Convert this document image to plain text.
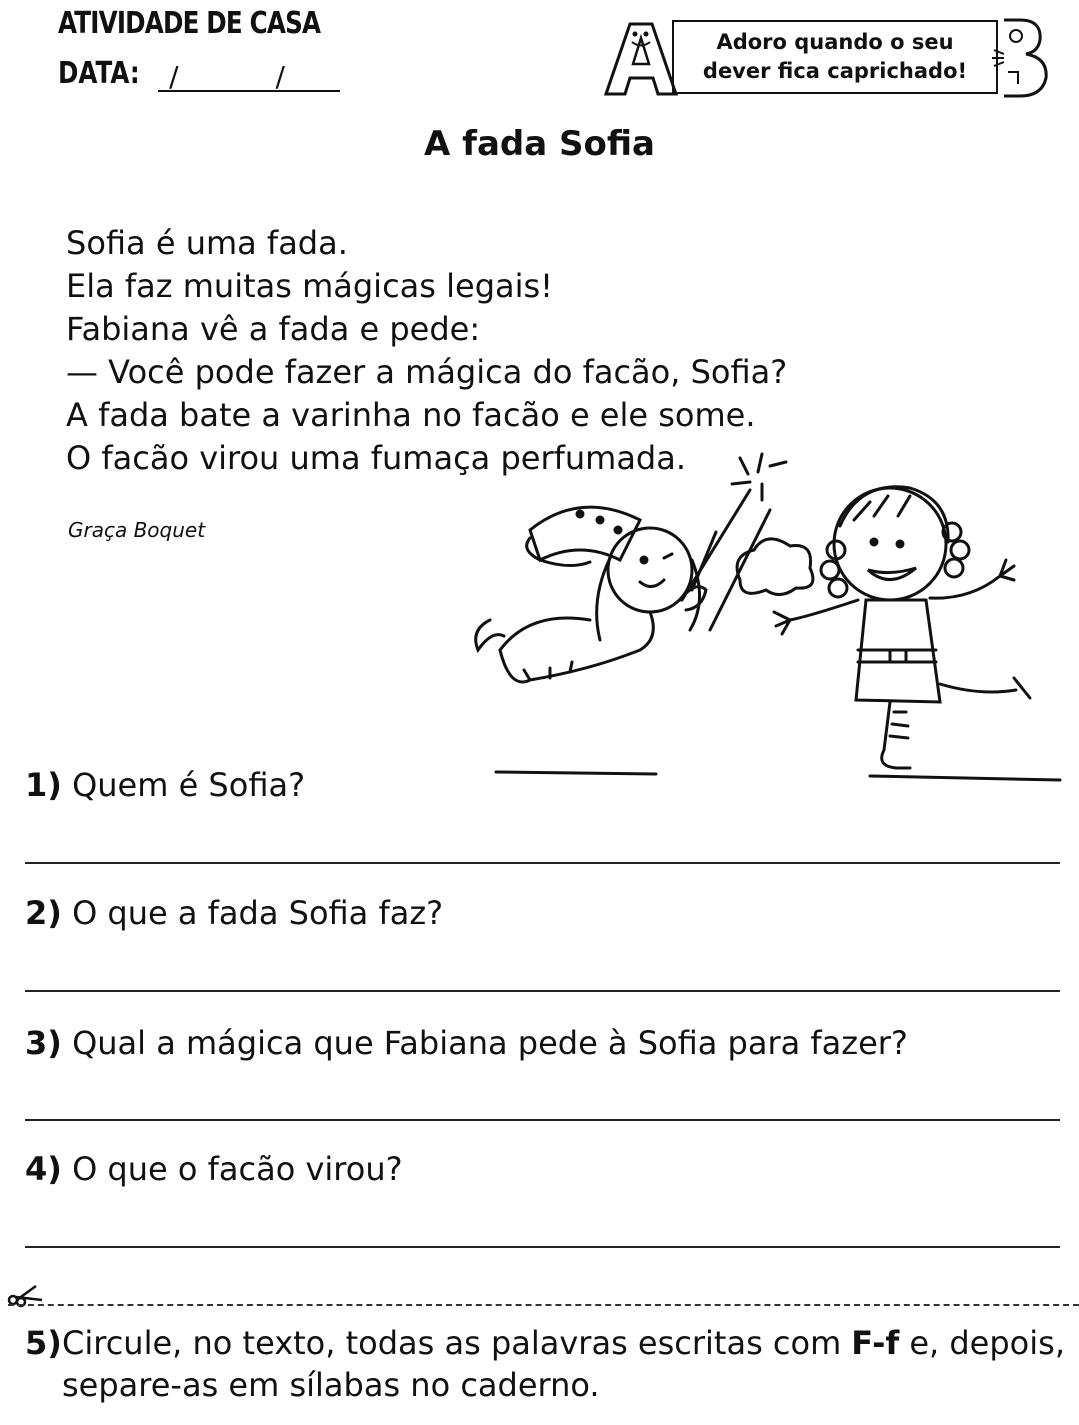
ATIVIDADE DE CASA
DATA:	/ /
Adoro quando o seu
dever fica caprichado!
A fada Sofia
Sofia é uma fada.
Ela faz muitas mágicas legais!
Fabiana vê a fada e pede:
— Você pode fazer a mágica do facão, Sofia?
A fada bate a varinha no facão e ele some.
O facão virou uma fumaça perfumada.
Graça Boquet
1) Quem é Sofia?
2) O que a fada Sofia faz?
3) Qual a mágica que Fabiana pede à Sofia para fazer?
4) O que o facão virou?
5) Circule, no texto, todas as palavras escritas com F-f e, depois,
separe-as em sílabas no caderno.
